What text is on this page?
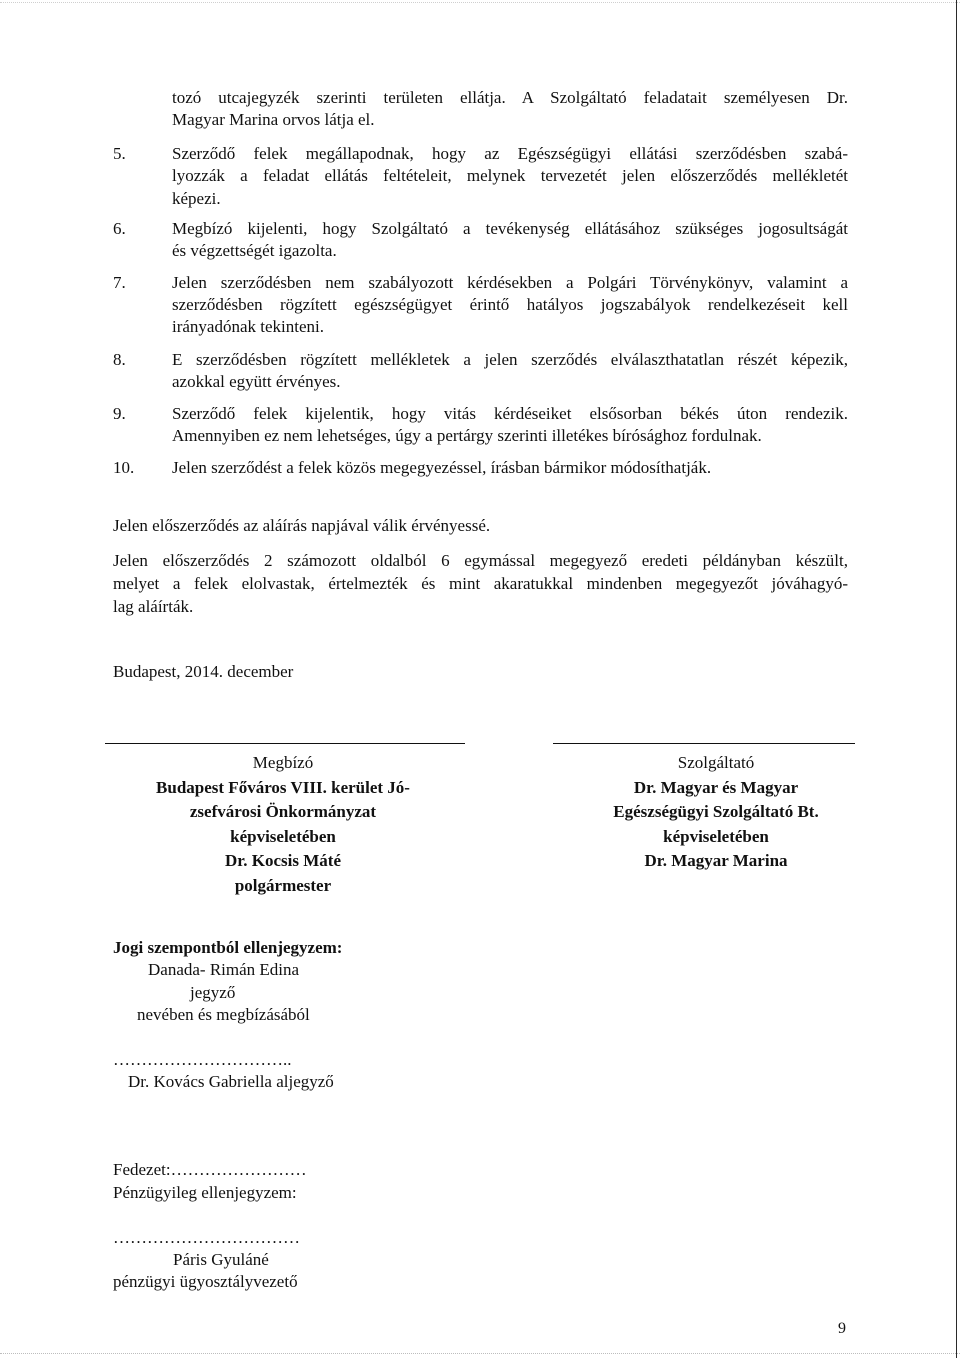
tozó utcajegyzék szerinti területen ellátja. A Szolgáltató feladatait személyesen Dr.
Magyar Marina orvos látja el.
5.	Szerződő felek megállapodnak, hogy az Egészségügyi ellátási szerződésben szabá-
lyozzák a feladat ellátás feltételeit, melynek tervezetét jelen előszerződés mellékletét
képezi.
6.	Megbízó kijelenti, hogy Szolgáltató a tevékenység ellátásához szükséges jogosultságát
és végzettségét igazolta.
7.	Jelen szerződésben nem szabályozott kérdésekben a Polgári Törvénykönyv, valamint a
szerződésben rögzített egészségügyet érintő hatályos jogszabályok rendelkezéseit kell
irányadónak tekinteni.
8.	E szerződésben rögzített mellékletek a jelen szerződés elválaszthatatlan részét képezik,
azokkal együtt érvényes.
9.	Szerződő felek kijelentik, hogy vitás kérdéseiket elsősorban békés úton rendezik.
Amennyiben ez nem lehetséges, úgy a pertárgy szerinti illetékes bírósághoz fordulnak.
10. Jelen szerződést a felek közös megegyezéssel, írásban bármikor módosíthatják.
Jelen előszerződés az aláírás napjával válik érvényessé.
Jelen előszerződés 2 számozott oldalból 6 egymással megegyező eredeti példányban készült,
melyet a felek elolvastak, értelmezték és mint akaratukkal mindenben megegyezőt jóváhagyó-
lag aláírták.
Budapest, 2014. december
Megbízó
Budapest Főváros VIII. kerület Jó-
zsefvárosi Önkormányzat
képviseletében
Dr. Kocsis Máté
polgármester
Szolgáltató
Dr. Magyar és Magyar
Egészségügyi Szolgáltató Bt.
képviseletében
Dr. Magyar Marina
Jogi szempontból ellenjegyzem:
Danada- Rimán Edina
jegyző
nevében és megbízásából
…………………………..
Dr. Kovács Gabriella aljegyző
Fedezet:……………………
Pénzügyileg ellenjegyzem:
……………………………
Páris Gyuláné
pénzügyi ügyosztályvezető
9
